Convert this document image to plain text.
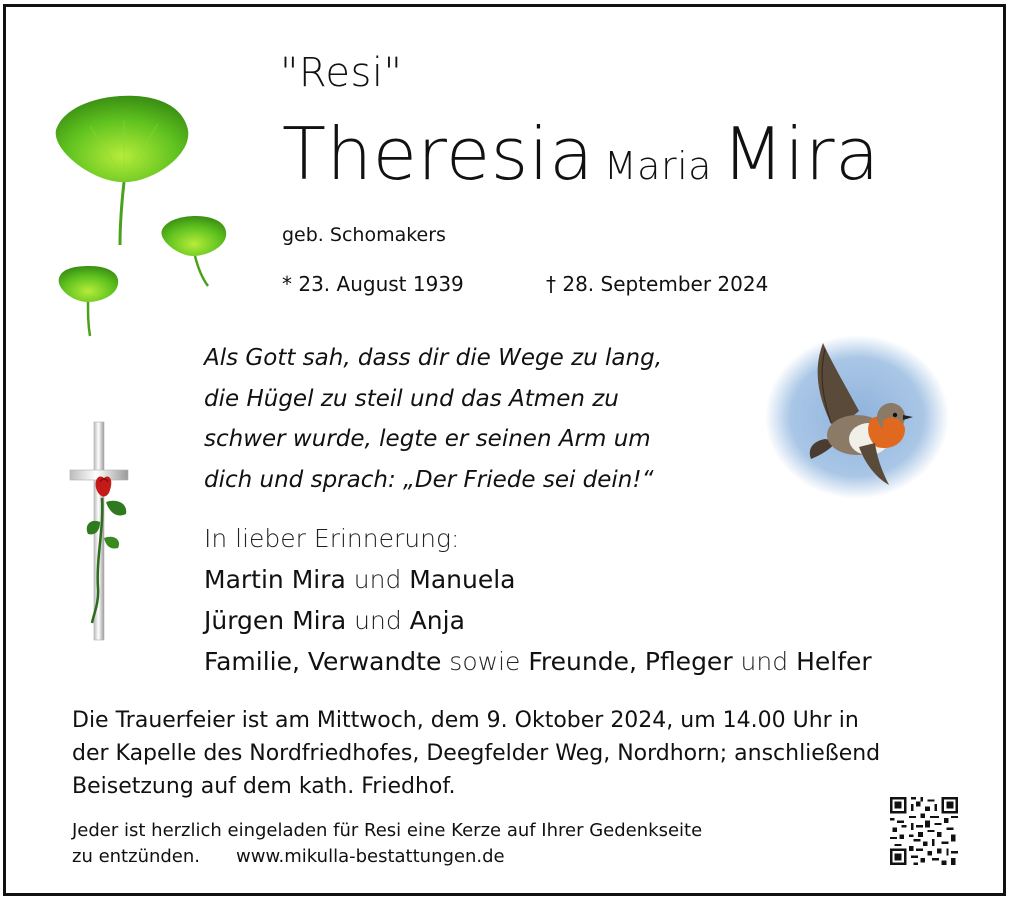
"Resi"
Theresia Maria Mira
geb. Schomakers
* 23. August 1939	† 28. September 2024
Als Gott sah, dass dir die Wege zu lang,
die Hügel zu steil und das Atmen zu
schwer wurde, legte er seinen Arm um
dich und sprach: „Der Friede sei dein!“
In lieber Erinnerung:
Martin Mira und Manuela
Jürgen Mira und Anja
Familie, Verwandte sowie Freunde, Pfleger und Helfer
Die Trauerfeier ist am Mittwoch, dem 9. Oktober 2024, um 14.00 Uhr in
der Kapelle des Nordfriedhofes, Deegfelder Weg, Nordhorn; anschließend
Beisetzung auf dem kath. Friedhof.
Jeder ist herzlich eingeladen für Resi eine Kerze auf Ihrer Gedenkseite
zu entzünden. www.mikulla-bestattungen.de
